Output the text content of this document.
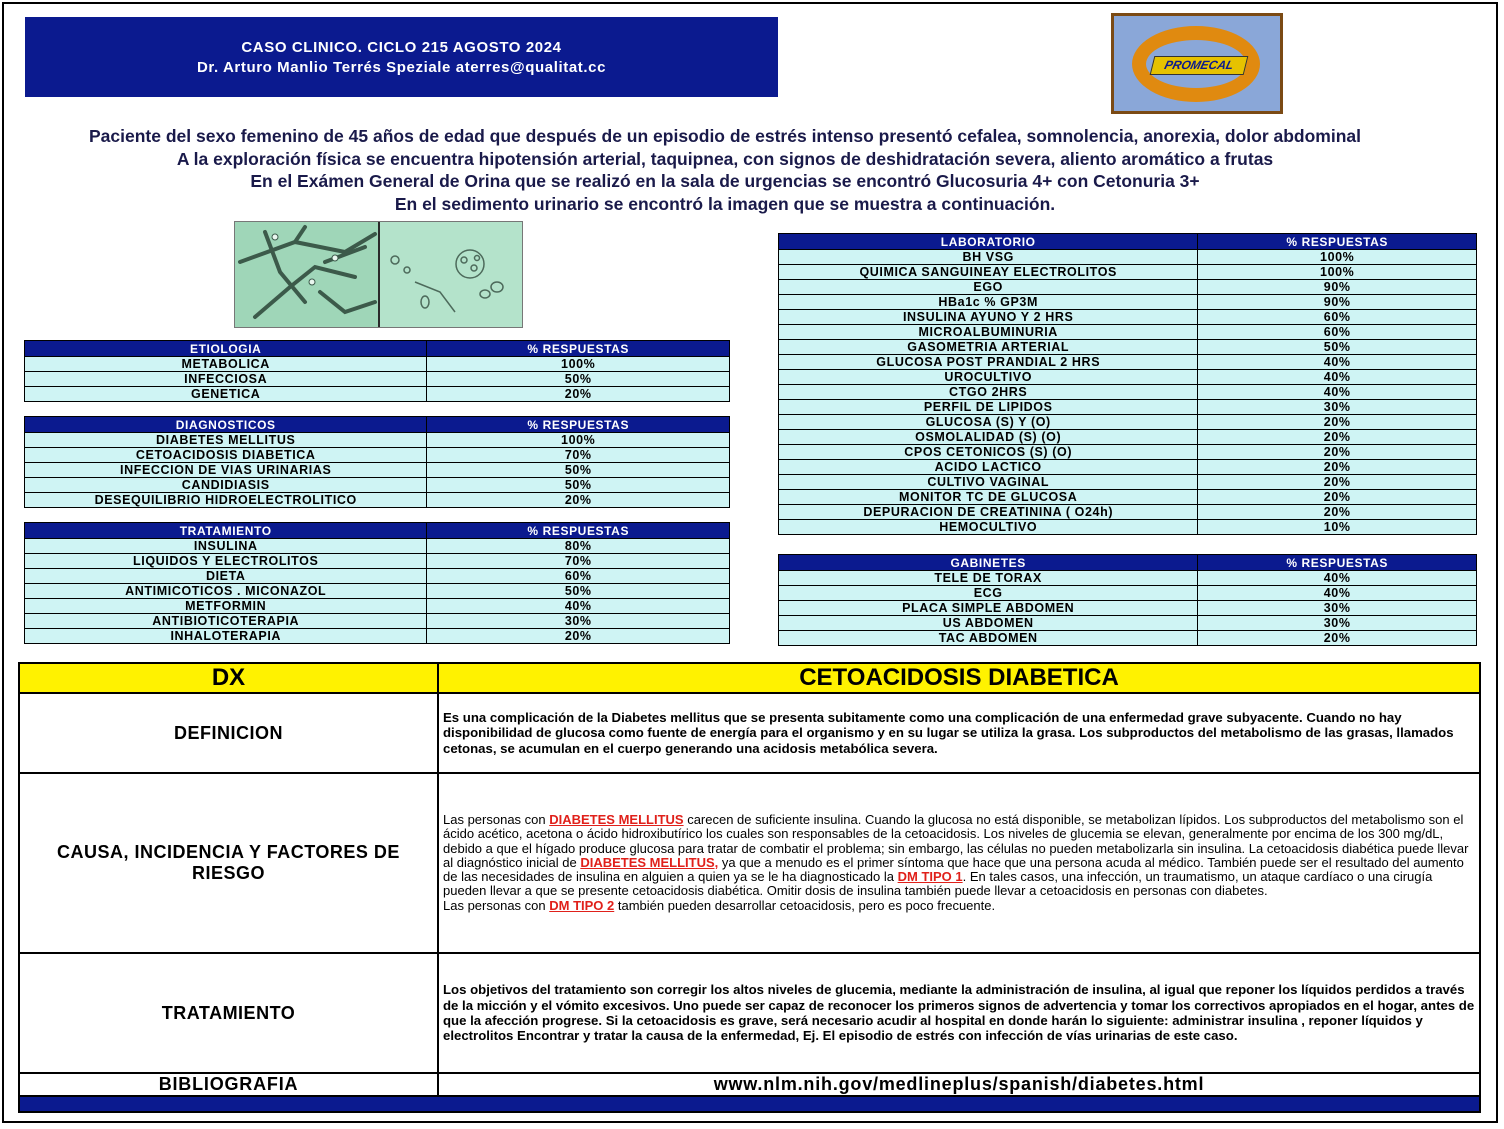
CASO CLINICO. CICLO 215 AGOSTO 2024
Dr. Arturo Manlio Terrés Speziale aterres@qualitat.cc	PROMECAL
Paciente del sexo femenino de 45 años de edad que después de un episodio de estrés intenso presentó cefalea, somnolencia, anorexia, dolor abdominal
A la exploración física se encuentra hipotensión arterial, taquipnea, con signos de deshidratación severa, aliento aromático a frutas
En el Exámen General de Orina que se realizó en la sala de urgencias se encontró Glucosuria 4+ con Cetonuria 3+
En el sedimento urinario se encontró la imagen que se muestra a continuación.
ETIOLOGIA	% RESPUESTAS
METABOLICA	100%
INFECCIOSA	50%
GENETICA	20%
DIAGNOSTICOS	% RESPUESTAS
DIABETES MELLITUS	100%
CETOACIDOSIS DIABETICA	70%
INFECCION DE VIAS URINARIAS	50%
CANDIDIASIS	50%
DESEQUILIBRIO HIDROELECTROLITICO	20%
TRATAMIENTO	% RESPUESTAS
INSULINA	80%
LIQUIDOS Y ELECTROLITOS	70%
DIETA	60%
ANTIMICOTICOS . MICONAZOL	50%
METFORMIN	40%
ANTIBIOTICOTERAPIA	30%
INHALOTERAPIA	20%
LABORATORIO	% RESPUESTAS
BH VSG	100%
QUIMICA SANGUINEAY ELECTROLITOS	100%
EGO	90%
HBa1c % GP3M	90%
INSULINA AYUNO Y 2 HRS	60%
MICROALBUMINURIA	60%
GASOMETRIA ARTERIAL	50%
GLUCOSA POST PRANDIAL 2 HRS	40%
UROCULTIVO	40%
CTGO 2HRS	40%
PERFIL DE LIPIDOS	30%
GLUCOSA (S) Y (O)	20%
OSMOLALIDAD (S) (O)	20%
CPOS CETONICOS (S) (O)	20%
ACIDO LACTICO	20%
CULTIVO VAGINAL	20%
MONITOR TC DE GLUCOSA	20%
DEPURACION DE CREATININA ( O24h)	20%
HEMOCULTIVO	10%
GABINETES	% RESPUESTAS
TELE DE TORAX	40%
ECG	40%
PLACA SIMPLE ABDOMEN	30%
US ABDOMEN	30%
TAC ABDOMEN	20%
DX	CETOACIDOSIS DIABETICA
DEFINICION	Es una complicación de la Diabetes mellitus que se presenta subitamente como una complicación de una enfermedad grave subyacente. Cuando no hay disponibilidad de glucosa como fuente de energía para el organismo y en su lugar se utiliza la grasa. Los subproductos del metabolismo de las grasas, llamados cetonas, se acumulan en el cuerpo generando una acidosis metabólica severa.
CAUSA, INCIDENCIA Y FACTORES DE RIESGO	Las personas con DIABETES MELLITUS carecen de suficiente insulina. Cuando la glucosa no está disponible, se metabolizan lípidos. Los subproductos del metabolismo son el ácido acético, acetona o ácido hidroxibutírico los cuales son responsables de la cetoacidosis. Los niveles de glucemia se elevan, generalmente por encima de los 300 mg/dL, debido a que el hígado produce glucosa para tratar de combatir el problema; sin embargo, las células no pueden metabolizarla sin insulina. La cetoacidosis diabética puede llevar al diagnóstico inicial de DIABETES MELLITUS, ya que a menudo es el primer síntoma que hace que una persona acuda al médico. También puede ser el resultado del aumento de las necesidades de insulina en alguien a quien ya se le ha diagnosticado la DM TIPO 1. En tales casos, una infección, un traumatismo, un ataque cardíaco o una cirugía pueden llevar a que se presente cetoacidosis diabética. Omitir dosis de insulina también puede llevar a cetoacidosis en personas con diabetes.
Las personas con DM TIPO 2 también pueden desarrollar cetoacidosis, pero es poco frecuente.
TRATAMIENTO	Los objetivos del tratamiento son corregir los altos niveles de glucemia, mediante la administración de insulina, al igual que reponer los líquidos perdidos a través de la micción y el vómito excesivos. Uno puede ser capaz de reconocer los primeros signos de advertencia y tomar los correctivos apropiados en el hogar, antes de que la afección progrese. Si la cetoacidosis es grave, será necesario acudir al hospital en donde harán lo siguiente: administrar insulina , reponer líquidos y electrolitos Encontrar y tratar la causa de la enfermedad, Ej. El episodio de estrés con infección de vías urinarias de este caso.
BIBLIOGRAFIA	www.nlm.nih.gov/medlineplus/spanish/diabetes.html
